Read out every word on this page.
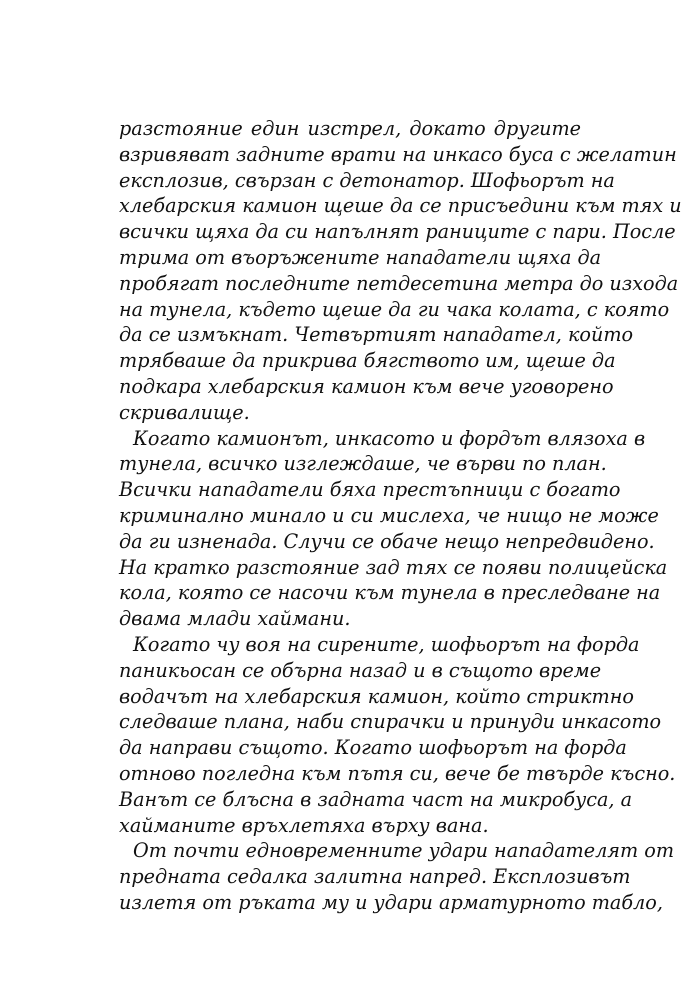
разстояние един изстрел, докато другите
взривяват задните врати на инкасо буса с желатин
експлозив, свързан с детонатор. Шофьорът на
хлебарския камион щеше да се присъедини към тях и
всички щяха да си напълнят раниците с пари. После
трима от въоръжените нападатели щяха да
пробягат последните петдесетина метра до изхода
на тунела, където щеше да ги чака колата, с която
да се измъкнат. Четвъртият нападател, който
трябваше да прикрива бягството им, щеше да
подкара хлебарския камион към вече уговорено
скривалище.
Когато камионът, инкасото и фордът влязоха в
тунела, всичко изглеждаше, че върви по план.
Всички нападатели бяха престъпници с богато
криминално минало и си мислеха, че нищо не може
да ги изненада. Случи се обаче нещо непредвидено.
На кратко разстояние зад тях се появи полицейска
кола, която се насочи към тунела в преследване на
двама млади хаймани.
Когато чу воя на сирените, шофьорът на форда
паникьосан се обърна назад и в същото време
водачът на хлебарския камион, който стриктно
следваше плана, наби спирачки и принуди инкасото
да направи същото. Когато шофьорът на форда
отново погледна към пътя си, вече бе твърде късно.
Ванът се блъсна в задната част на микробуса, а
хайманите връхлетяха върху вана.
От почти едновременните удари нападателят от
предната седалка залитна напред. Експлозивът
излетя от ръката му и удари арматурното табло,
